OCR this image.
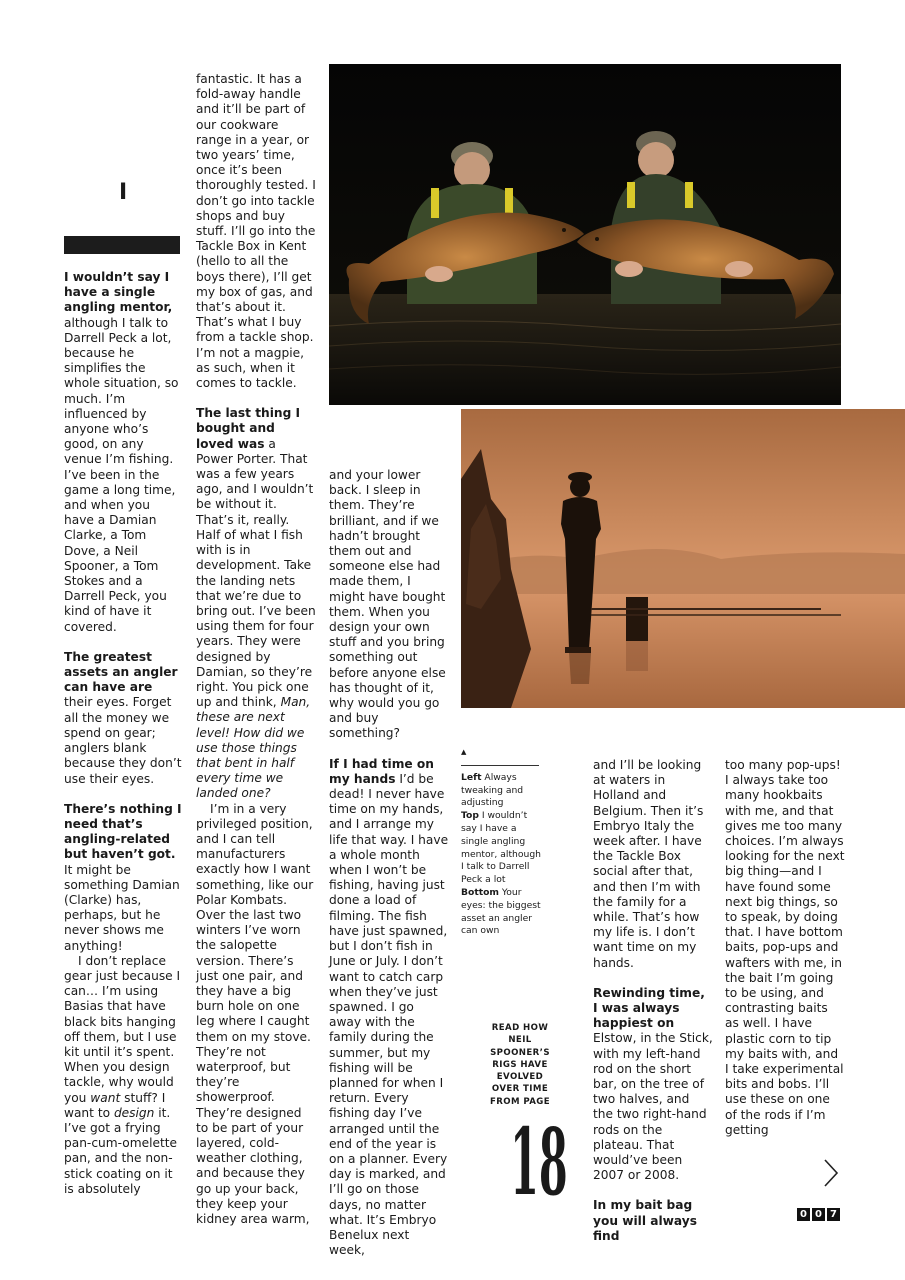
I

I wouldn’t say I have a single angling mentor, although I talk to Darrell Peck a lot, because he simplifies the whole situation, so much. I’m influenced by anyone who’s good, on any venue I’m fishing. I’ve been in the game a long time, and when you have a Damian Clarke, a Tom Dove, a Neil Spooner, a Tom Stokes and a Darrell Peck, you kind of have it covered.

The greatest assets an angler can have are their eyes. Forget all the money we spend on gear; anglers blank because they don’t use their eyes.

There’s nothing I need that’s angling-related but haven’t got. It might be something Damian (Clarke) has, perhaps, but he never shows me anything!

I don’t replace gear just because I can… I’m using Basias that have black bits hanging off them, but I use kit until it’s spent. When you design tackle, why would you want stuff? I want to design it. I’ve got a frying pan-cum-omelette pan, and the non-stick coating on it is absolutely

fantastic. It has a fold-away handle and it’ll be part of our cookware range in a year, or two years’ time, once it’s been thoroughly tested. I don’t go into tackle shops and buy stuff. I’ll go into the Tackle Box in Kent (hello to all the boys there), I’ll get my box of gas, and that’s about it. That’s what I buy from a tackle shop. I’m not a magpie, as such, when it comes to tackle.

The last thing I bought and loved was a Power Porter. That was a few years ago, and I wouldn’t be without it. That’s it, really. Half of what I fish with is in development. Take the landing nets that we’re due to bring out. I’ve been using them for four years. They were designed by Damian, so they’re right. You pick one up and think, Man, these are next level! How did we use those things that bent in half every time we landed one?

I’m in a very privileged position, and I can tell manufacturers exactly how I want something, like our Polar Kombats. Over the last two winters I’ve worn the salopette version. There’s just one pair, and they have a big burn hole on one leg where I caught them on my stove. They’re not waterproof, but they’re showerproof. They’re designed to be part of your layered, cold-weather clothing, and because they go up your back, they keep your kidney area warm,

and your lower back. I sleep in them. They’re brilliant, and if we hadn’t brought them out and someone else had made them, I might have bought them. When you design your own stuff and you bring something out before anyone else has thought of it, why would you go and buy something?

If I had time on my hands I’d be dead! I never have time on my hands, and I arrange my life that way. I have a whole month when I won’t be fishing, having just done a load of filming. The fish have just spawned, but I don’t fish in June or July. I don’t want to catch carp when they’ve just spawned. I go away with the family during the summer, but my fishing will be planned for when I return. Every fishing day I’ve arranged until the end of the year is on a planner. Every day is marked, and I’ll go on those days, no matter what. It’s Embryo Benelux next week,

and I’ll be looking at waters in Holland and Belgium. Then it’s Embryo Italy the week after. I have the Tackle Box social after that, and then I’m with the family for a while. That’s how my life is. I don’t want time on my hands.

Rewinding time, I was always happiest on Elstow, in the Stick, with my left-hand rod on the short bar, on the tree of two halves, and the two right-hand rods on the plateau. That would’ve been 2007 or 2008.

In my bait bag you will always find

too many pop-ups! I always take too many hookbaits with me, and that gives me too many choices. I’m always looking for the next big thing—and I have found some next big things, so to speak, by doing that. I have bottom baits, pop-ups and wafters with me, in the bait I’m going to be using, and contrasting baits as well. I have plastic corn to tip my baits with, and I take experimental bits and bobs. I’ll use these on one of the rods if I’m getting

▲
Left Always tweaking and adjusting
Top I wouldn’t say I have a single angling mentor, although I talk to Darrell Peck a lot
Bottom Your eyes: the biggest asset an angler can own
READ HOW NEIL SPOONER’S RIGS HAVE EVOLVED OVER TIME FROM PAGE
18	0 0 7
